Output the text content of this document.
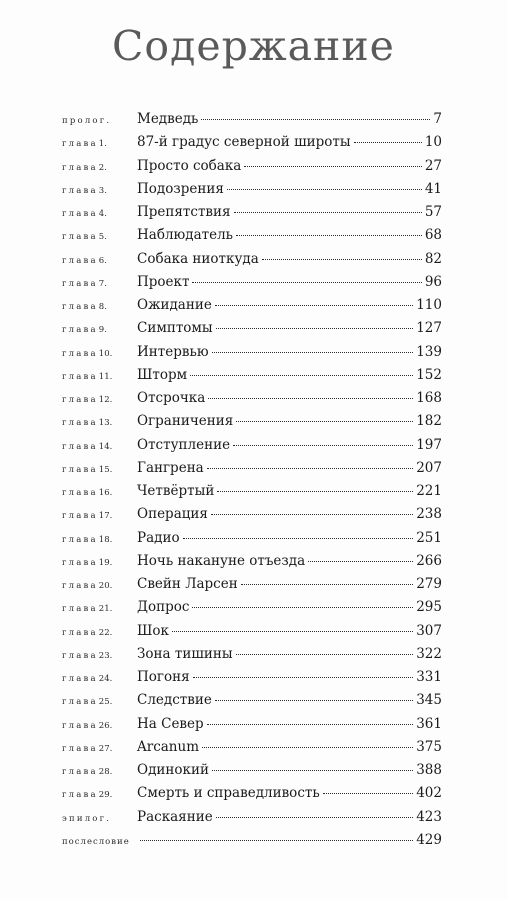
Содержание
пролог. Медведь	7
глава 1. 87-й градус северной широты	10
глава 2. Просто собака	27
глава 3. Подозрения	41
глава 4. Препятствия	57
глава 5. Наблюдатель	68
глава 6. Собака ниоткуда	82
глава 7. Проект	96
глава 8. Ожидание	110
глава 9. Симптомы	127
глава 10. Интервью	139
глава 11. Шторм	152
глава 12. Отсрочка	168
глава 13. Ограничения	182
глава 14. Отступление	197
глава 15. Гангрена	207
глава 16. Четвёртый	221
глава 17. Операция	238
глава 18. Радио	251
глава 19. Ночь накануне отъезда	266
глава 20. Свейн Ларсен	279
глава 21. Допрос	295
глава 22. Шок	307
глава 23. Зона тишины	322
глава 24. Погоня	331
глава 25. Следствие	345
глава 26. На Север	361
глава 27. Arcanum	375
глава 28. Одинокий	388
глава 29. Смерть и справедливость	402
эпилог. Раскаяние	423
послесловие	429
